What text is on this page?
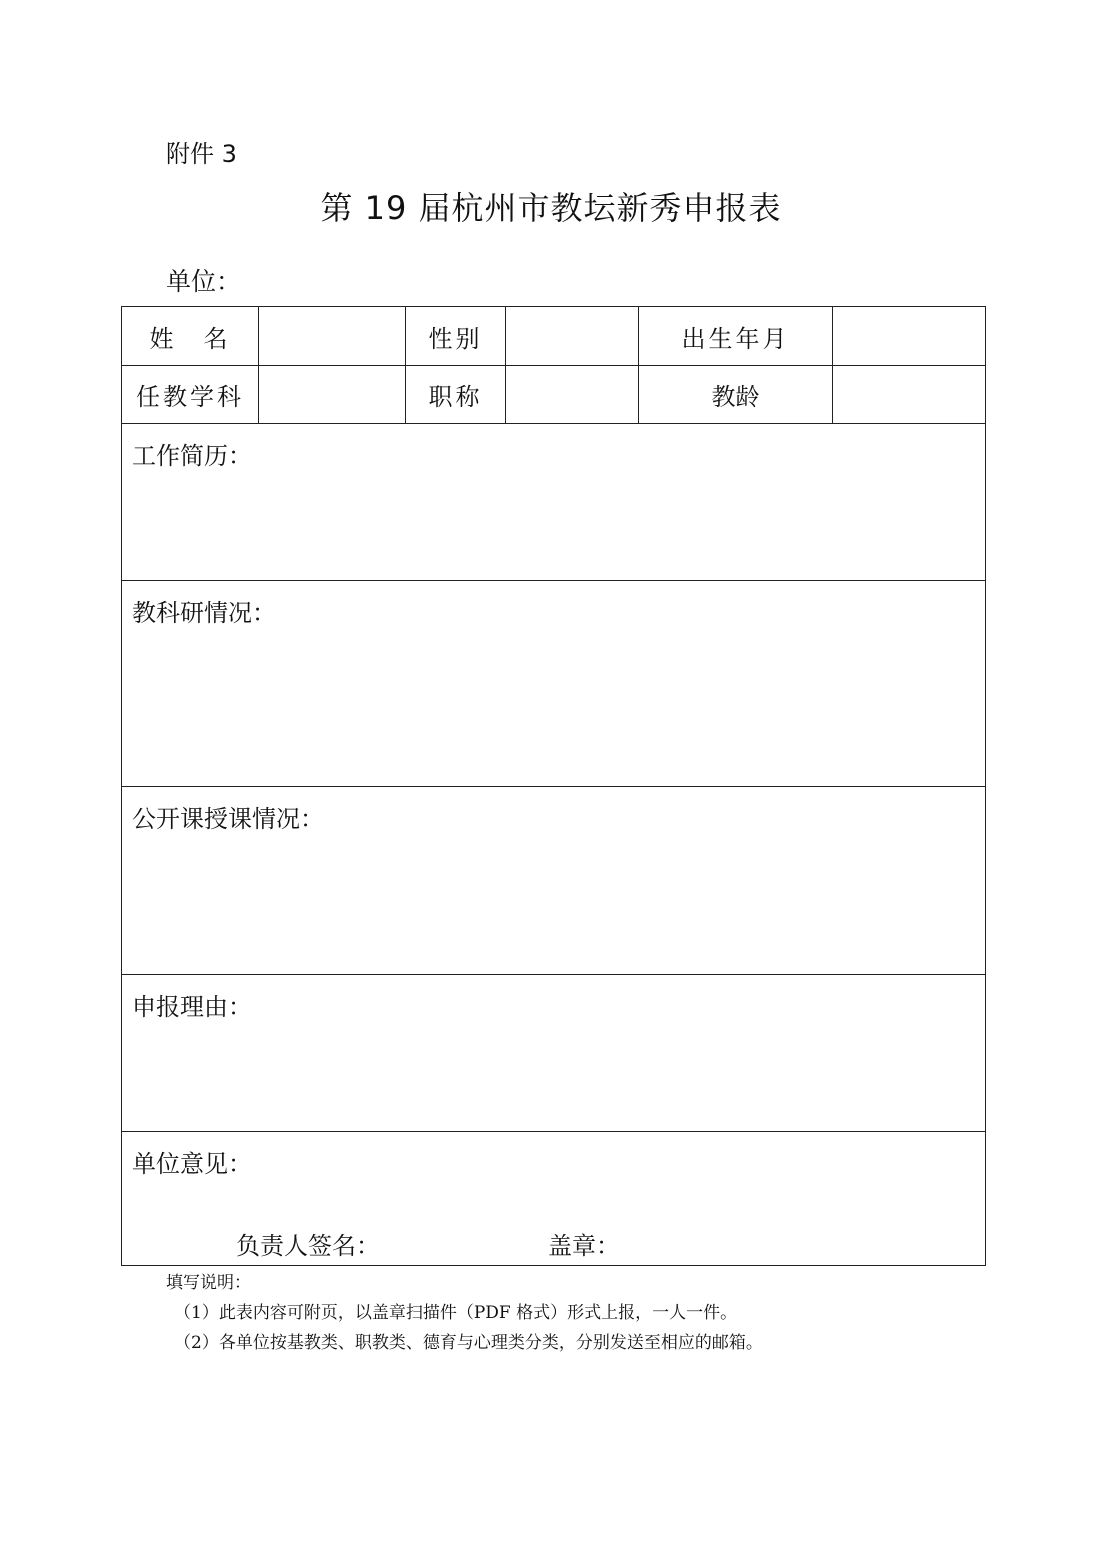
附件 3
第 19 届杭州市教坛新秀申报表
单位：
姓　名		性别		出生年月	
任教学科		职称		教龄	

工作简历：					

教科研情况：					

公开课授课情况：					

申报理由：					

单位意见：
负责人签名： 盖章：					
填写说明：
（1）此表内容可附页，以盖章扫描件（PDF 格式）形式上报，一人一件。
（2）各单位按基教类、职教类、德育与心理类分类，分别发送至相应的邮箱。
